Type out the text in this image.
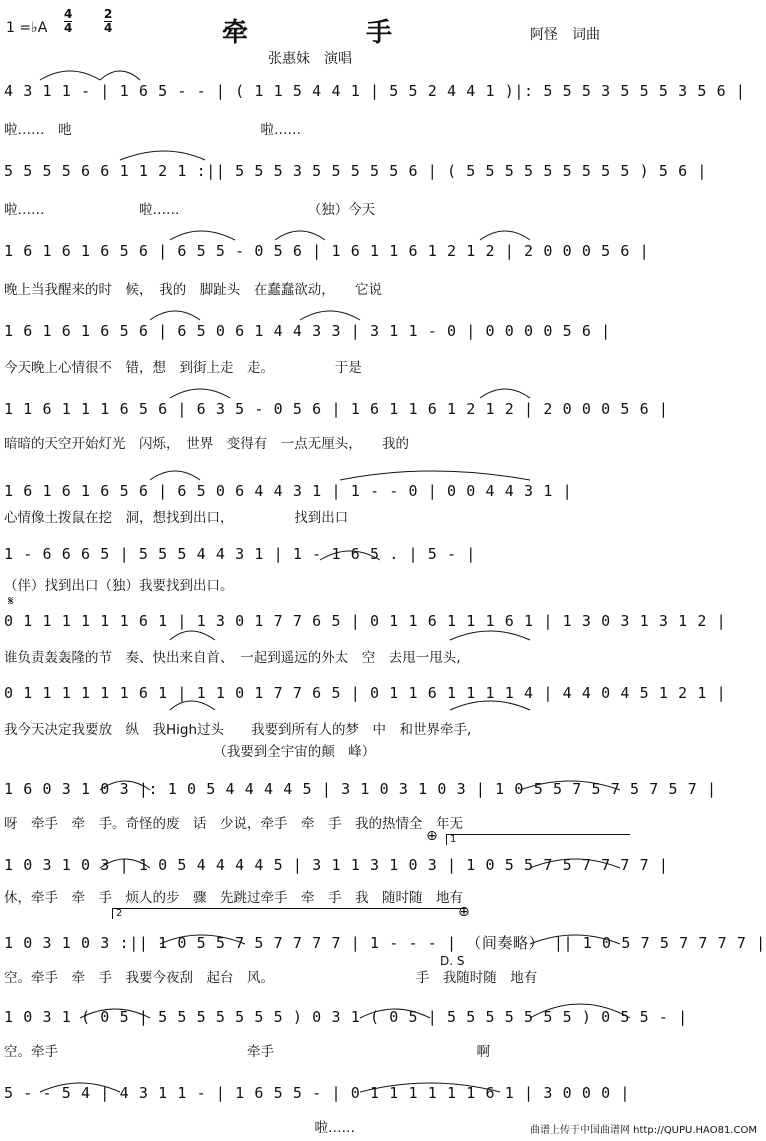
1 =♭A
4
4
2
4	牵	手	阿怪　词曲
张惠妹　演唱
4 3 1 1 - | 1 6 5 - - | ( 1 1 5 4 4 1 | 5 5 2 4 4 1 )|: 5 5 5 3 5 5 5 3 5 6 |
啦……　吔　　　　　　　　　　　　　　啦……
5 5 5 5 6 6 1 1 2 1 :|| 5 5 5 3 5 5 5 5 5 6 | ( 5 5 5 5 5 5 5 5 5 ) 5 6 |
啦……　　　　　　　啦……　　　　　　　　　　（独）今天
1 6 1 6 1 6 5 6 | 6 5 5 - 0 5 6 | 1 6 1 1 6 1 2 1 2 | 2 0 0 0 5 6 |
晚上当我醒来的时　候，　我的　脚趾头　在蠢蠢欲动，　　它说
1 6 1 6 1 6 5 6 | 6 5 0 6 1 4 4 3 3 | 3 1 1 - 0 | 0 0 0 0 5 6 |
今天晚上心情很不　错，想　到街上走　走。　　　　　于是
1 1 6 1 1 1 6 5 6 | 6 3 5 - 0 5 6 | 1 6 1 1 6 1 2 1 2 | 2 0 0 0 5 6 |
暗暗的天空开始灯光　闪烁，　世界　变得有　一点无厘头，　　我的
1 6 1 6 1 6 5 6 | 6 5 0 6 4 4 3 1 | 1 - - 0 | 0 0 4 4 3 1 |
心情像土拨鼠在挖　洞，想找到出口，　　　　　找到出口
1 - 6 6 6 5 | 5 5 5 4 4 3 1 | 1 - 1 6 5 . | 5 - |
（伴）找到出口（独）我要找到出口。
𝄋
0 1 1 1 1 1 1 6 1 | 1 3 0 1 7 7 6 5 | 0 1 1 6 1 1 1 6 1 | 1 3 0 3 1 3 1 2 |
谁负责轰轰隆的节　奏、快出来自首、　一起到遥远的外太　空　去甩一甩头,
0 1 1 1 1 1 1 6 1 | 1 1 0 1 7 7 6 5 | 0 1 1 6 1 1 1 1 4 | 4 4 0 4 5 1 2 1 |
我今天决定我要放　纵　我High过头　　我要到所有人的梦　中　和世界牵手,
　　　　　　　　　　　　　　　　（我要到全宇宙的颠　峰）
1 6 0 3 1 0 3 |: 1 0 5 4 4 4 4 5 | 3 1 0 3 1 0 3 | 1 0 5 5 7 5 7 5 7 5 7 |
呀　牵手　牵　手。奇怪的废　话　少说，牵手　牵　手　我的热情全　年无
⊕	1
1 0 3 1 0 3 | 1 0 5 4 4 4 4 5 | 3 1 1 3 1 0 3 | 1 0 5 5 7 5 7 7 7 7 |
休，牵手　牵　手　烦人的步　骤　先跳过牵手　牵　手　我　随时随　地有
2	⊕
1 0 3 1 0 3 :|| 1 0 5 5 7 5 7 7 7 7 | 1 - - - | （间奏略） || 1 0 5 7 5 7 7 7 7 |
D. S
空。牵手　牵　手　我要今夜刮　起台　风。　　　　　　　　　　　手　我随时随　地有
1 0 3 1 ( 0 5 | 5 5 5 5 5 5 5 ) 0 3 1 ( 0 5 | 5 5 5 5 5 5 5 ) 0 5 5 - |
空。牵手　　　　　　　　　　　　　　牵手　　　　　　　　　　　　　　　啊
5 - - 5 4 | 4 3 1 1 - | 1 6 5 5 - | 0 1 1 1 1 1 1 6 1 | 3 0 0 0 |
　　　　　　　　　　　　　　　　　　　　　　　啦……	曲谱上传于中国曲谱网 http://QUPU.HAO81.COM
